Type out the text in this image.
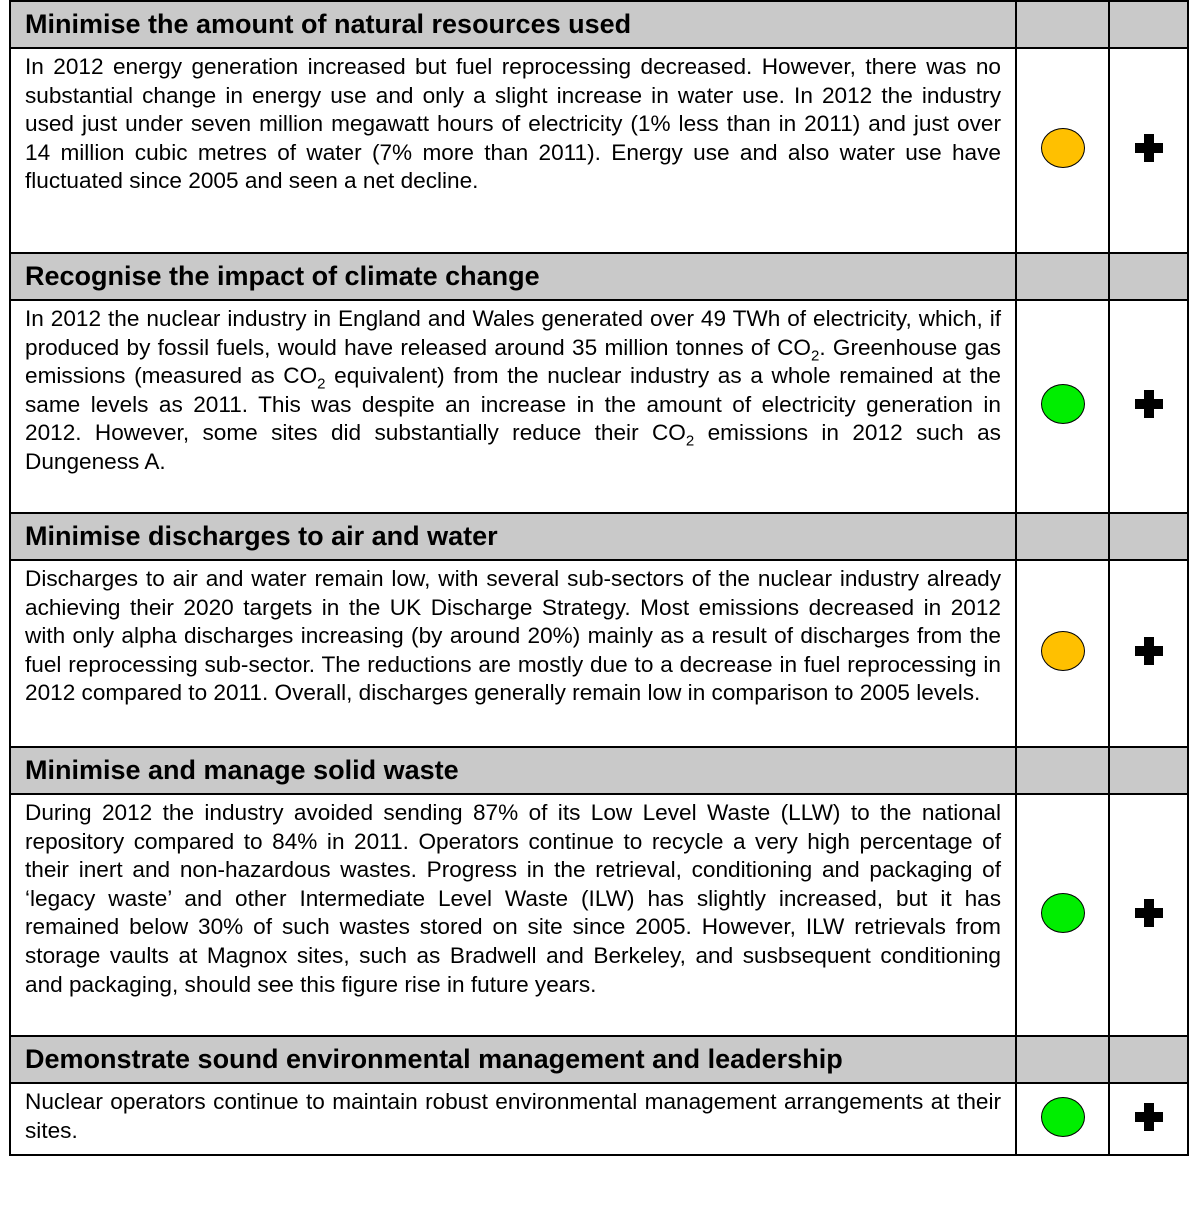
Minimise the amount of natural resources used		
In 2012 energy generation increased but fuel reprocessing decreased. However, there was no substantial change in energy use and only a slight increase in water use. In 2012 the industry used just under seven million megawatt hours of electricity (1% less than in 2011) and just over 14 million cubic metres of water (7% more than 2011). Energy use and also water use have fluctuated since 2005 and seen a net decline.		
Recognise the impact of climate change		
In 2012 the nuclear industry in England and Wales generated over 49 TWh of electricity, which, if produced by fossil fuels, would have released around 35 million tonnes of $CO_2$. Greenhouse gas emissions (measured as $CO_2$ equivalent) from the nuclear industry as a whole remained at the same levels as 2011. This was despite an increase in the amount of electricity generation in 2012. However, some sites did substantially reduce their $CO_2$ emissions in 2012 such as Dungeness A.		
Minimise discharges to air and water		
Discharges to air and water remain low, with several sub-sectors of the nuclear industry already achieving their 2020 targets in the UK Discharge Strategy. Most emissions decreased in 2012 with only alpha discharges increasing (by around 20%) mainly as a result of discharges from the fuel reprocessing sub-sector. The reductions are mostly due to a decrease in fuel reprocessing in 2012 compared to 2011. Overall, discharges generally remain low in comparison to 2005 levels.		
Minimise and manage solid waste		
During 2012 the industry avoided sending 87% of its Low Level Waste (LLW) to the national repository compared to 84% in 2011. Operators continue to recycle a very high percentage of their inert and non-hazardous wastes. Progress in the retrieval, conditioning and packaging of ‘legacy waste’ and other Intermediate Level Waste (ILW) has slightly increased, but it has remained below 30% of such wastes stored on site since 2005. However, ILW retrievals from storage vaults at Magnox sites, such as Bradwell and Berkeley, and susbsequent conditioning and packaging, should see this figure rise in future years.		
Demonstrate sound environmental management and leadership		
Nuclear operators continue to maintain robust environmental management arrangements at their sites.		
